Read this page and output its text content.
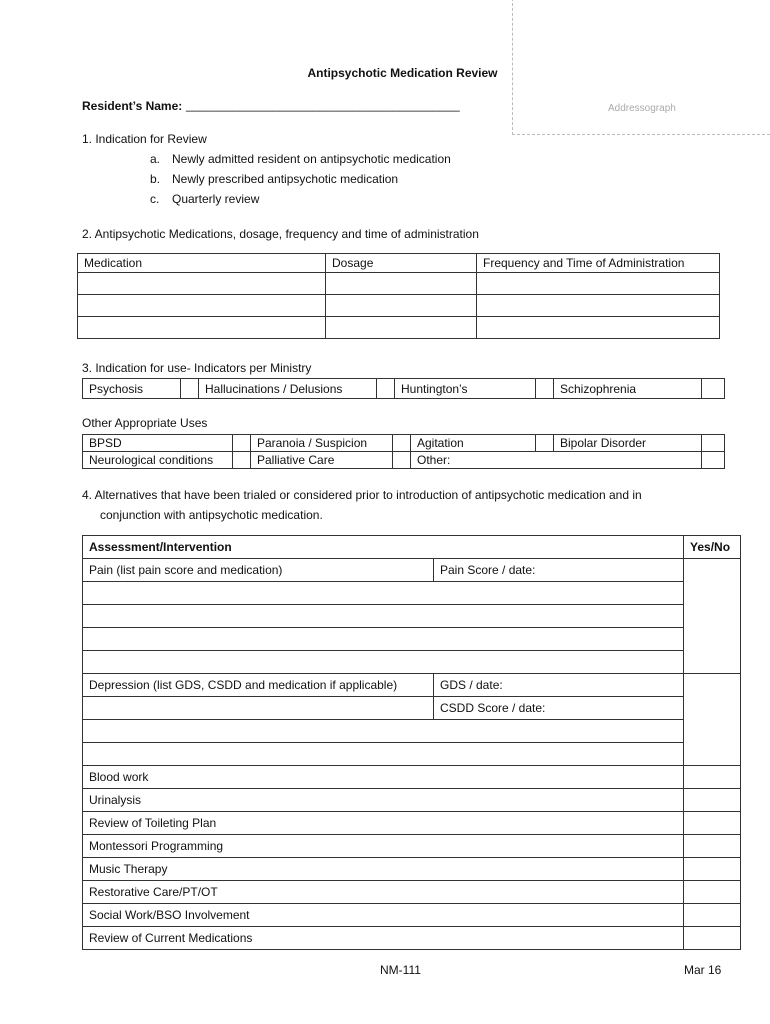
Addressograph
Antipsychotic Medication Review
Resident’s Name: _________________________________________
1. Indication for Review
a. Newly admitted resident on antipsychotic medication
b. Newly prescribed antipsychotic medication
c. Quarterly review
2. Antipsychotic Medications, dosage, frequency and time of administration
Medication	Dosage	Frequency and Time of Administration

3. Indication for use- Indicators per Ministry
Psychosis		Hallucinations / Delusions		Huntington’s		Schizophrenia	
Other Appropriate Uses
BPSD		Paranoia / Suspicion		Agitation		Bipolar Disorder	
Neurological conditions		Palliative Care		Other:			
4. Alternatives that have been trialed or considered prior to introduction of antipsychotic medication and in
conjunction with antipsychotic medication.
Assessment/Intervention		Yes/No
Pain (list pain score and medication)	Pain Score / date:	

Depression (list GDS, CSDD and medication if applicable)	GDS / date:	
	CSDD Score / date:	

Blood work		
Urinalysis		
Review of Toileting Plan		
Montessori Programming		
Music Therapy		
Restorative Care/PT/OT		
Social Work/BSO Involvement		
Review of Current Medications		
NM-111	Mar 16
